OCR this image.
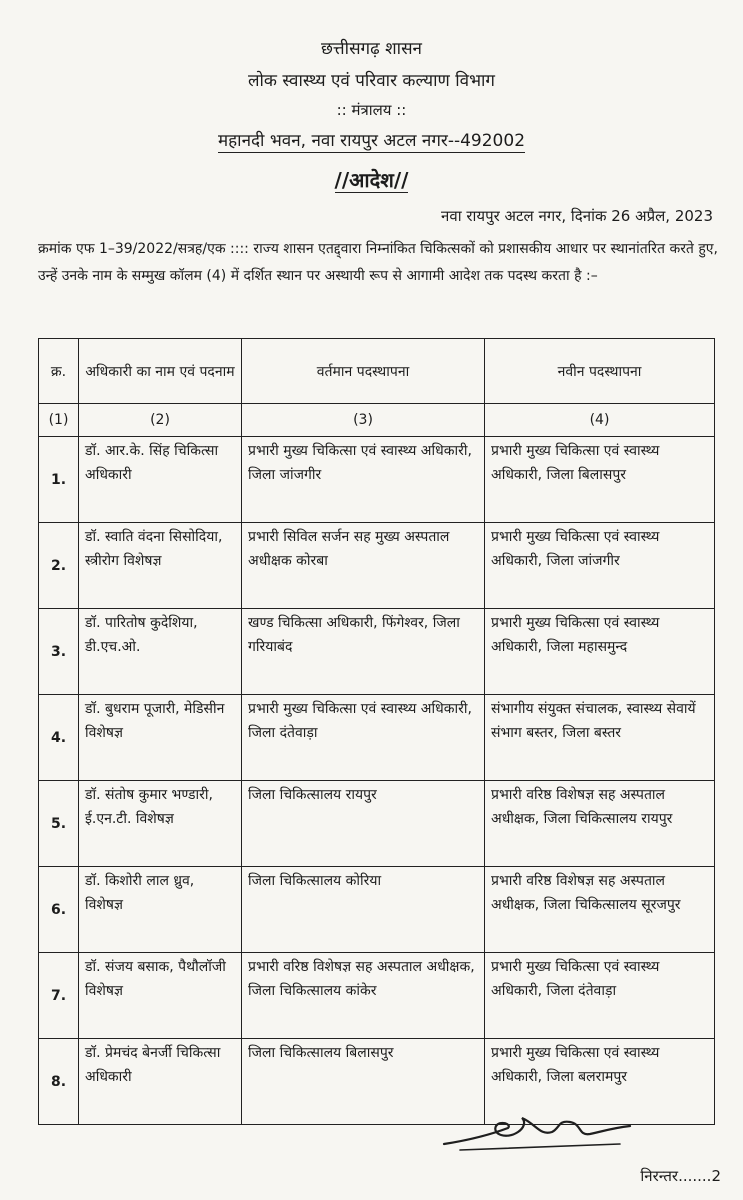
छत्तीसगढ़ शासन
लोक स्वास्थ्य एवं परिवार कल्याण विभाग
:: मंत्रालय ::
महानदी भवन, नवा रायपुर अटल नगर--492002
//आदेश//
नवा रायपुर अटल नगर, दिनांक 26 अप्रैल, 2023
क्रमांक एफ 1–39/2022/सत्रह/एक :::: राज्य शासन एतद्द्वारा निम्नांकित चिकित्सकों को प्रशासकीय आधार पर स्थानांतरित करते हुए, उन्हें उनके नाम के सम्मुख कॉलम (4) में दर्शित स्थान पर अस्थायी रूप से आगामी आदेश तक पदस्थ करता है :–
क्र.	अधिकारी का नाम एवं पदनाम	वर्तमान पदस्थापना	नवीन पदस्थापना
(1)	(2)	(3)	(4)
1.	डॉ. आर.के. सिंह चिकित्सा अधिकारी	प्रभारी मुख्य चिकित्सा एवं स्वास्थ्य अधिकारी, जिला जांजगीर	प्रभारी मुख्य चिकित्सा एवं स्वास्थ्य अधिकारी, जिला बिलासपुर
2.	डॉ. स्वाति वंदना सिसोदिया, स्त्रीरोग विशेषज्ञ	प्रभारी सिविल सर्जन सह मुख्य अस्पताल अधीक्षक कोरबा	प्रभारी मुख्य चिकित्सा एवं स्वास्थ्य अधिकारी, जिला जांजगीर
3.	डॉ. पारितोष कुदेशिया, डी.एच.ओ.	खण्ड चिकित्सा अधिकारी, फिंगेश्वर, जिला गरियाबंद	प्रभारी मुख्य चिकित्सा एवं स्वास्थ्य अधिकारी, जिला महासमुन्द
4.	डॉ. बुधराम पूजारी, मेडिसीन विशेषज्ञ	प्रभारी मुख्य चिकित्सा एवं स्वास्थ्य अधिकारी, जिला दंतेवाड़ा	संभागीय संयुक्त संचालक, स्वास्थ्य सेवायें संभाग बस्तर, जिला बस्तर
5.	डॉ. संतोष कुमार भण्डारी, ई.एन.टी. विशेषज्ञ	जिला चिकित्सालय रायपुर	प्रभारी वरिष्ठ विशेषज्ञ सह अस्पताल अधीक्षक, जिला चिकित्सालय रायपुर
6.	डॉ. किशोरी लाल ध्रुव, विशेषज्ञ	जिला चिकित्सालय कोरिया	प्रभारी वरिष्ठ विशेषज्ञ सह अस्पताल अधीक्षक, जिला चिकित्सालय सूरजपुर
7.	डॉ. संजय बसाक, पैथौलॉजी विशेषज्ञ	प्रभारी वरिष्ठ विशेषज्ञ सह अस्पताल अधीक्षक, जिला चिकित्सालय कांकेर	प्रभारी मुख्य चिकित्सा एवं स्वास्थ्य अधिकारी, जिला दंतेवाड़ा
8.	डॉ. प्रेमचंद बेनर्जी चिकित्सा अधिकारी	जिला चिकित्सालय बिलासपुर	प्रभारी मुख्य चिकित्सा एवं स्वास्थ्य अधिकारी, जिला बलरामपुर
निरन्तर.......2
